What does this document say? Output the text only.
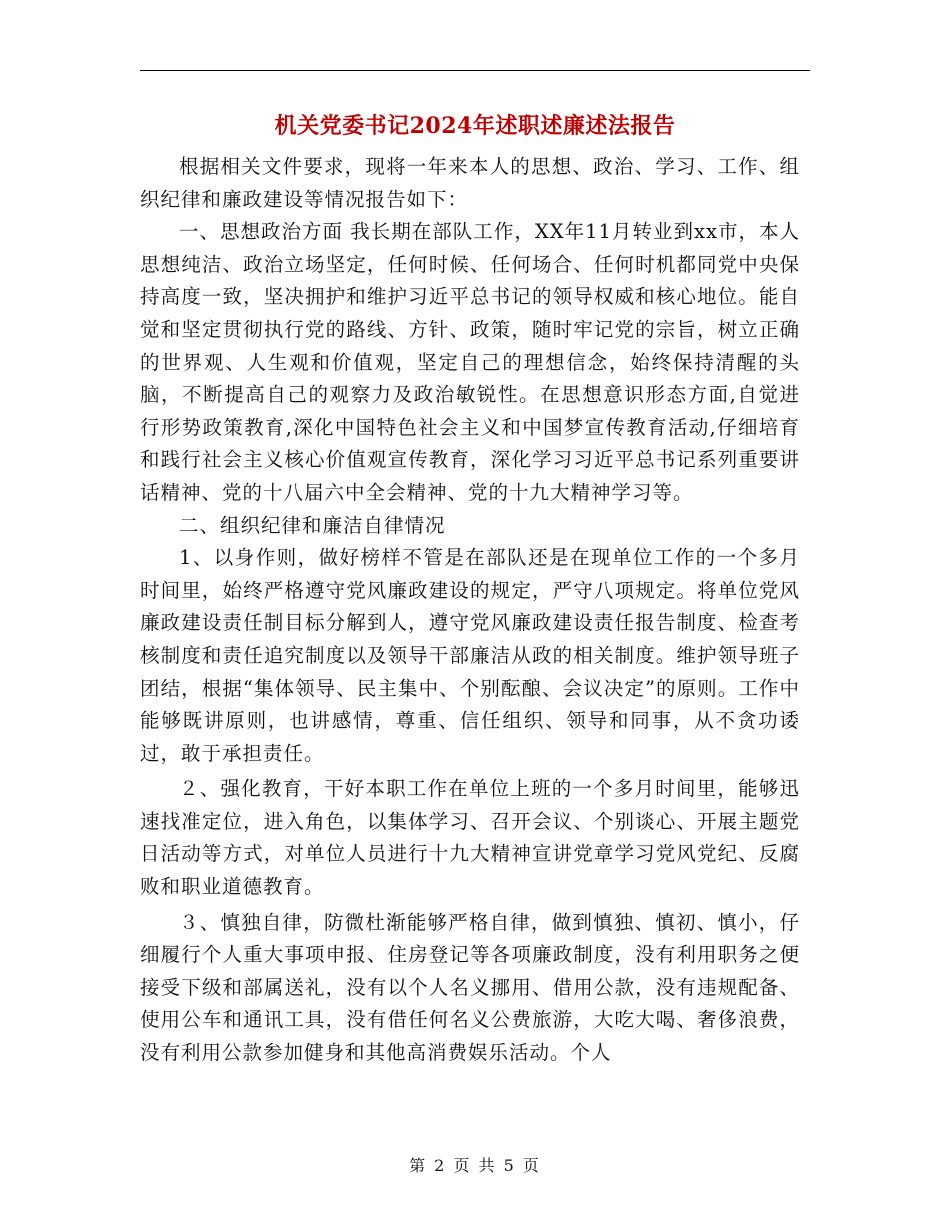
机关党委书记2024年述职述廉述法报告

根据相关文件要求，现将一年来本人的思想、政治、学习、工作、组织纪律和廉政建设等情况报告如下：

一、思想政治方面 我长期在部队工作，XX年11月转业到xx市，本人思想纯洁、政治立场坚定，任何时候、任何场合、任何时机都同党中央保持高度一致，坚决拥护和维护习近平总书记的领导权威和核心地位。能自觉和坚定贯彻执行党的路线、方针、政策，随时牢记党的宗旨，树立正确的世界观、人生观和价值观，坚定自己的理想信念，始终保持清醒的头脑，不断提高自己的观察力及政治敏锐性。在思想意识形态方面,自觉进行形势政策教育,深化中国特色社会主义和中国梦宣传教育活动,仔细培育和践行社会主义核心价值观宣传教育，深化学习习近平总书记系列重要讲话精神、党的十八届六中全会精神、党的十九大精神学习等。

二、组织纪律和廉洁自律情况

1、以身作则，做好榜样不管是在部队还是在现单位工作的一个多月时间里，始终严格遵守党风廉政建设的规定，严守八项规定。将单位党风廉政建设责任制目标分解到人，遵守党风廉政建设责任报告制度、检查考核制度和责任追究制度以及领导干部廉洁从政的相关制度。维护领导班子团结，根据“集体领导、民主集中、个别酝酿、会议决定”的原则。工作中能够既讲原则，也讲感情，尊重、信任组织、领导和同事，从不贪功诿过，敢于承担责任。

２、强化教育，干好本职工作在单位上班的一个多月时间里，能够迅速找准定位，进入角色，以集体学习、召开会议、个别谈心、开展主题党日活动等方式，对单位人员进行十九大精神宣讲党章学习党风党纪、反腐败和职业道德教育。

３、慎独自律，防微杜渐能够严格自律，做到慎独、慎初、慎小，仔细履行个人重大事项申报、住房登记等各项廉政制度，没有利用职务之便接受下级和部属送礼，没有以个人名义挪用、借用公款，没有违规配备、使用公车和通讯工具，没有借任何名义公费旅游，大吃大喝、奢侈浪费，没有利用公款参加健身和其他高消费娱乐活动。个人

第 2 页 共 5 页
